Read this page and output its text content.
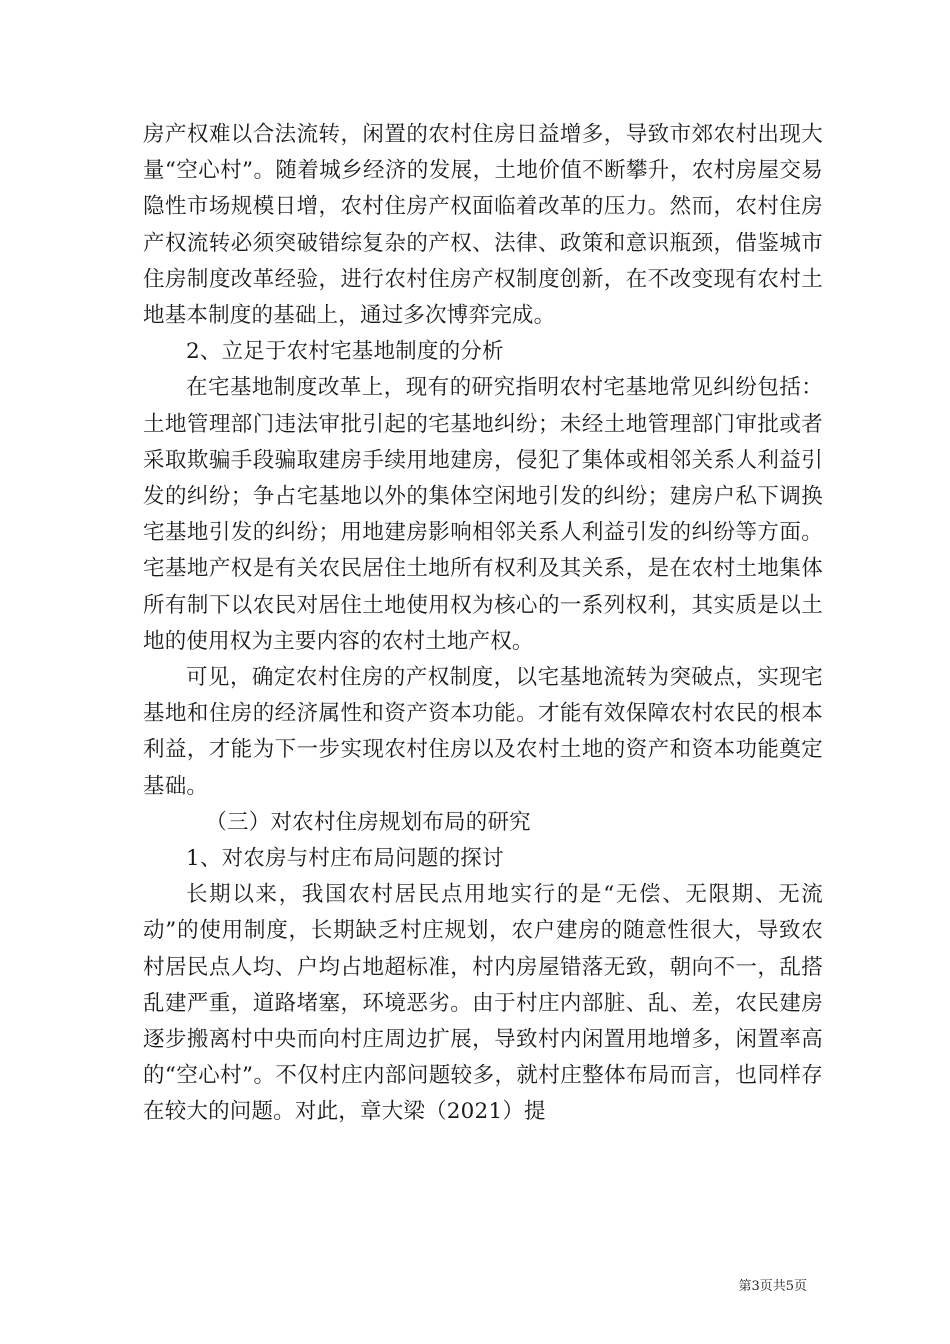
房产权难以合法流转，闲置的农村住房日益增多，导致市郊农村出现大量“空心村”。随着城乡经济的发展，土地价值不断攀升，农村房屋交易隐性市场规模日增，农村住房产权面临着改革的压力。然而，农村住房产权流转必须突破错综复杂的产权、法律、政策和意识瓶颈，借鉴城市住房制度改革经验，进行农村住房产权制度创新，在不改变现有农村土地基本制度的基础上，通过多次博弈完成。

2、立足于农村宅基地制度的分析

在宅基地制度改革上，现有的研究指明农村宅基地常见纠纷包括：土地管理部门违法审批引起的宅基地纠纷；未经土地管理部门审批或者采取欺骗手段骗取建房手续用地建房，侵犯了集体或相邻关系人利益引发的纠纷；争占宅基地以外的集体空闲地引发的纠纷；建房户私下调换宅基地引发的纠纷；用地建房影响相邻关系人利益引发的纠纷等方面。宅基地产权是有关农民居住土地所有权利及其关系，是在农村土地集体所有制下以农民对居住土地使用权为核心的一系列权利，其实质是以土地的使用权为主要内容的农村土地产权。

可见，确定农村住房的产权制度，以宅基地流转为突破点，实现宅基地和住房的经济属性和资产资本功能。才能有效保障农村农民的根本利益，才能为下一步实现农村住房以及农村土地的资产和资本功能奠定基础。

（三）对农村住房规划布局的研究

1、对农房与村庄布局问题的探讨

长期以来，我国农村居民点用地实行的是“无偿、无限期、无流动”的使用制度，长期缺乏村庄规划，农户建房的随意性很大，导致农村居民点人均、户均占地超标准，村内房屋错落无致，朝向不一，乱搭乱建严重，道路堵塞，环境恶劣。由于村庄内部脏、乱、差，农民建房逐步搬离村中央而向村庄周边扩展，导致村内闲置用地增多，闲置率高的“空心村”。不仅村庄内部问题较多，就村庄整体布局而言，也同样存在较大的问题。对此，章大梁（2021）提

第3页共5页
